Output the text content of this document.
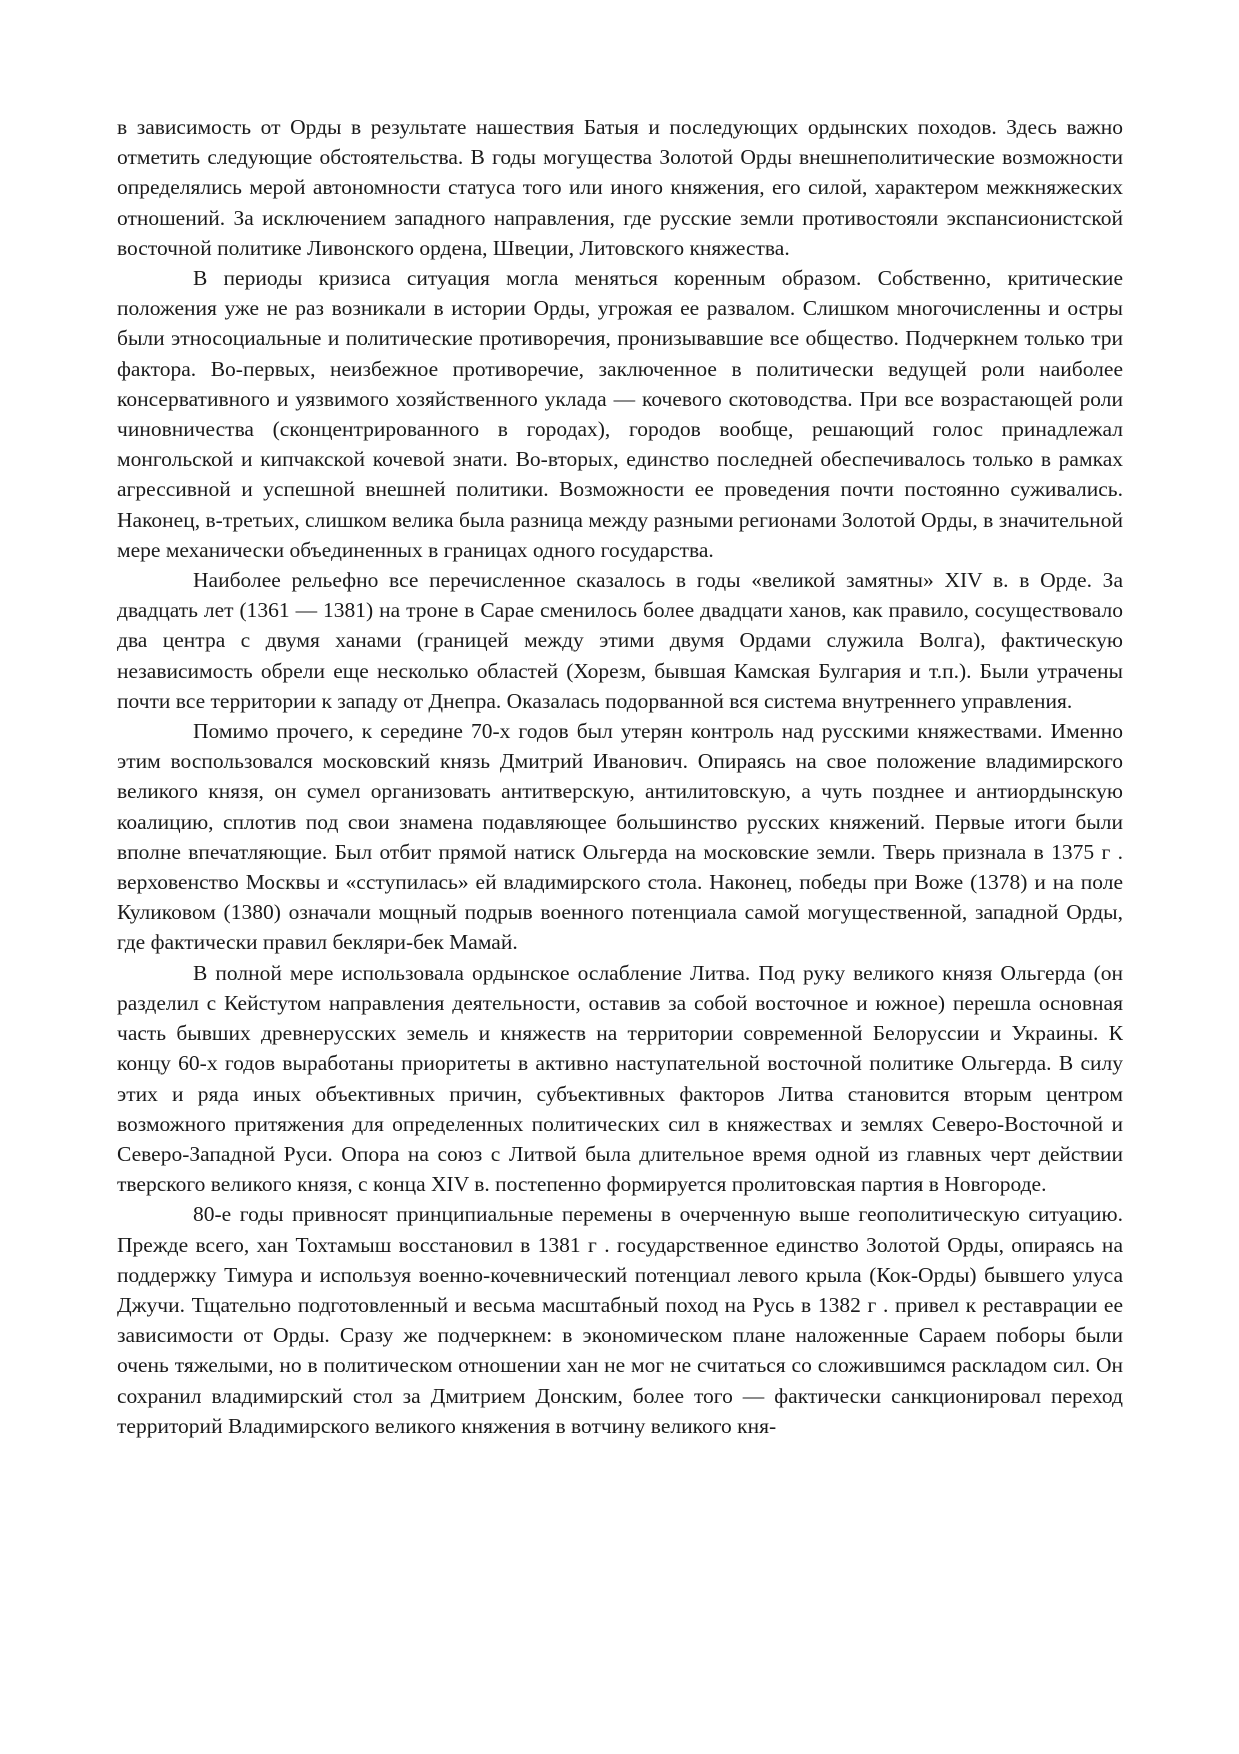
в зависимость от Орды в результате нашествия Батыя и последующих ордынских походов. Здесь важно отметить следующие обстоятельства. В годы могущества Золотой Орды внешнеполитические возможности определялись мерой автономности статуса того или иного княжения, его силой, характером межкняжеских отношений. За исключением западного направления, где русские земли противостояли экспансионистской восточной политике Ливонского ордена, Швеции, Литовского княжества.

В периоды кризиса ситуация могла меняться коренным образом. Собственно, критические положения уже не раз возникали в истории Орды, угрожая ее развалом. Слишком многочисленны и остры были этносоциальные и политические противоречия, пронизывавшие все общество. Подчеркнем только три фактора. Во-первых, неизбежное противоречие, заключенное в политически ведущей роли наиболее консервативного и уязвимого хозяйственного уклада — кочевого скотоводства. При все возрастающей роли чиновничества (сконцентрированного в городах), городов вообще, решающий голос принадлежал монгольской и кипчакской кочевой знати. Во-вторых, единство последней обеспечивалось только в рамках агрессивной и успешной внешней политики. Возможности ее проведения почти постоянно суживались. Наконец, в-третьих, слишком велика была разница между разными регионами Золотой Орды, в значительной мере механически объединенных в границах одного государства.

Наиболее рельефно все перечисленное сказалось в годы «великой замятны» XIV в. в Орде. За двадцать лет (1361 — 1381) на троне в Сарае сменилось более двадцати ханов, как правило, сосуществовало два центра с двумя ханами (границей между этими двумя Ордами служила Волга), фактическую независимость обрели еще несколько областей (Хорезм, бывшая Камская Булгария и т.п.). Были утрачены почти все территории к западу от Днепра. Оказалась подорванной вся система внутреннего управления.

Помимо прочего, к середине 70-х годов был утерян контроль над русскими княжествами. Именно этим воспользовался московский князь Дмитрий Иванович. Опираясь на свое положение владимирского великого князя, он сумел организовать антитверскую, антилитовскую, а чуть позднее и антиордынскую коалицию, сплотив под свои знамена подавляющее большинство русских княжений. Первые итоги были вполне впечатляющие. Был отбит прямой натиск Ольгерда на московские земли. Тверь признала в 1375 г . верховенство Москвы и «сступилась» ей владимирского стола. Наконец, победы при Воже (1378) и на поле Куликовом (1380) означали мощный подрыв военного потенциала самой могущественной, западной Орды, где фактически правил бекляри-бек Мамай.

В полной мере использовала ордынское ослабление Литва. Под руку великого князя Ольгерда (он разделил с Кейстутом направления деятельности, оставив за собой восточное и южное) перешла основная часть бывших древнерусских земель и княжеств на территории современной Белоруссии и Украины. К концу 60-х годов выработаны приоритеты в активно наступательной восточной политике Ольгерда. В силу этих и ряда иных объективных причин, субъективных факторов Литва становится вторым центром возможного притяжения для определенных политических сил в княжествах и землях Северо-Восточной и Северо-Западной Руси. Опора на союз с Литвой была длительное время одной из главных черт действии тверского великого князя, с конца XIV в. постепенно формируется пролитовская партия в Новгороде.

80-е годы привносят принципиальные перемены в очерченную выше геополитическую ситуацию. Прежде всего, хан Тохтамыш восстановил в 1381 г . государственное единство Золотой Орды, опираясь на поддержку Тимура и используя военно-кочевнический потенциал левого крыла (Кок-Орды) бывшего улуса Джучи. Тщательно подготовленный и весьма масштабный поход на Русь в 1382 г . привел к реставрации ее зависимости от Орды. Сразу же подчеркнем: в экономическом плане наложенные Сараем поборы были очень тяжелыми, но в политическом отношении хан не мог не считаться со сложившимся раскладом сил. Он сохранил владимирский стол за Дмитрием Донским, более того — фактически санкционировал переход территорий Владимирского великого княжения в вотчину великого кня-
